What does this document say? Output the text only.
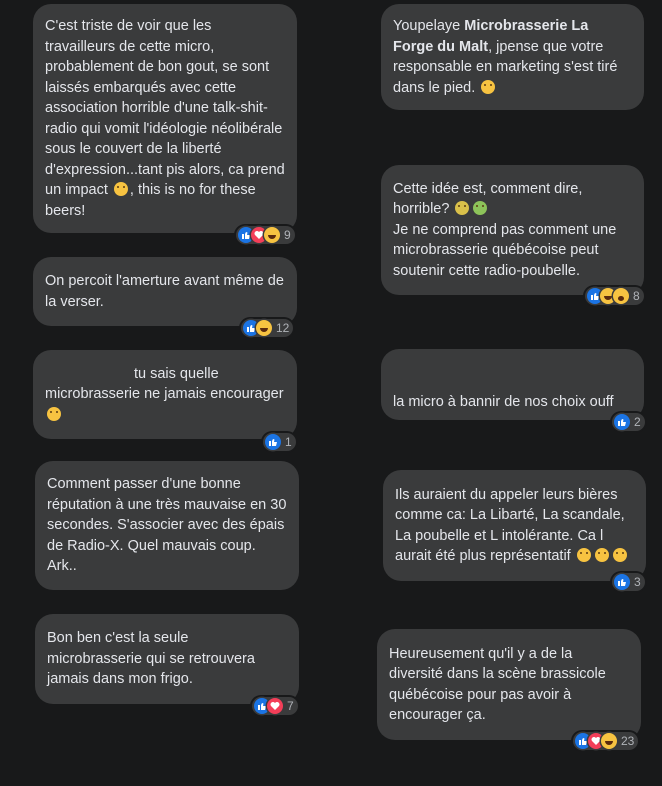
C'est triste de voir que les travailleurs de cette micro, probablement de bon gout, se sont laissés embarqués avec cette association horrible d'une talk-shit-radio qui vomit l'idéologie néolibérale sous le couvert de la liberté d'expression...tant pis alors, ca prend un impact , this is no for these beers!

9

Youpelaye Microbrasserie La Forge du Malt, jpense que votre responsable en marketing s'est tiré dans le pied.

Cette idée est, comment dire, horrible?

Je ne comprend pas comment une microbrasserie québécoise peut soutenir cette radio-poubelle.

8

On percoit l'amerture avant même de la verser.

12

tu sais quelle microbrasserie ne jamais encourager

1

la micro à bannir de nos choix ouff

2

Comment passer d'une bonne réputation à une très mauvaise en 30 secondes. S'associer avec des épais de Radio-X. Quel mauvais coup. Ark..

Ils auraient du appeler leurs bières comme ca: La Libarté, La scandale, La poubelle et L intolérante. Ca l aurait été plus représentatif

3

Bon ben c'est la seule microbrasserie qui se retrouvera jamais dans mon frigo.

7

Heureusement qu'il y a de la diversité dans la scène brassicole québécoise pour pas avoir à encourager ça.

23
